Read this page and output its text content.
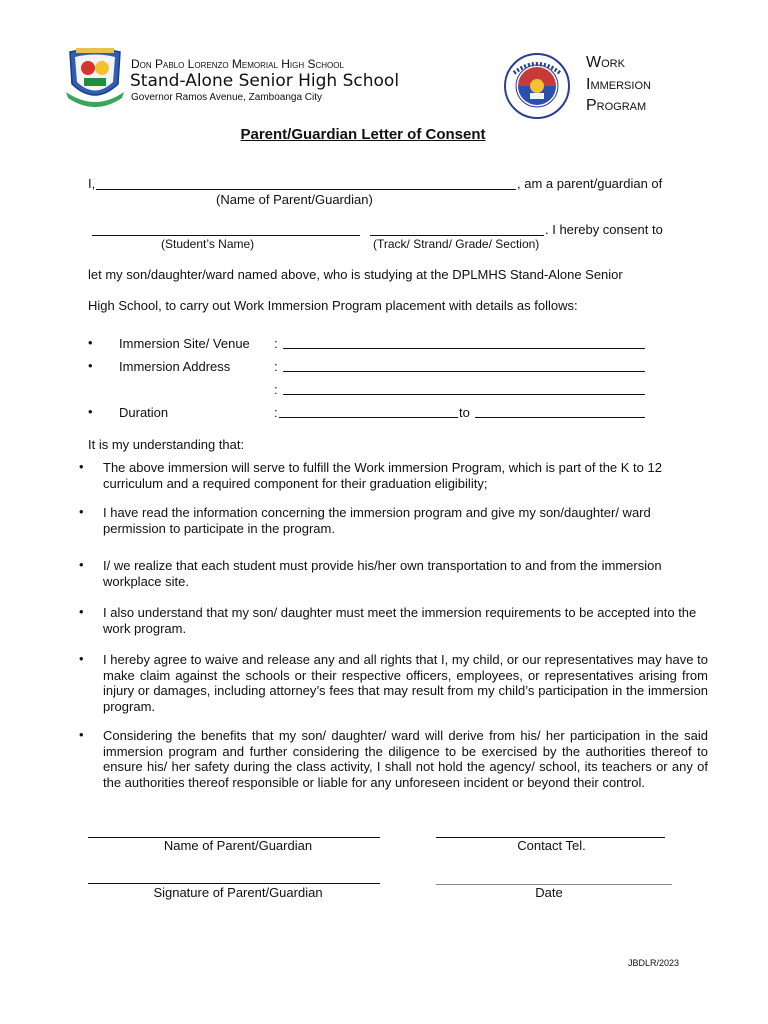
Don Pablo Lorenzo Memorial High School
Stand-Alone Senior High School
Governor Ramos Avenue, Zamboanga City
Work
Immersion
Program
Parent/Guardian Letter of Consent
I,	, am a parent/guardian of
(Name of Parent/Guardian)
. I hereby consent to
(Student’s Name)	(Track/ Strand/ Grade/ Section)
let my son/daughter/ward named above, who is studying at the DPLMHS Stand-Alone Senior
High School, to carry out Work Immersion Program placement with details as follows:
• Immersion Site/ Venue :
• Immersion Address	:
:
• Duration	:	to
It is my understanding that:
• The above immersion will serve to fulfill the Work immersion Program, which is part of the K to 12 curriculum and a required component for their graduation eligibility;
• I have read the information concerning the immersion program and give my son/daughter/ ward permission to participate in the program.
• I/ we realize that each student must provide his/her own transportation to and from the immersion workplace site.
• I also understand that my son/ daughter must meet the immersion requirements to be accepted into the work program.
• I hereby agree to waive and release any and all rights that I, my child, or our representatives may have to make claim against the schools or their respective officers, employees, or representatives arising from injury or damages, including attorney’s fees that may result from my child’s participation in the immersion program.
• Considering the benefits that my son/ daughter/ ward will derive from his/ her participation in the said immersion program and further considering the diligence to be exercised by the authorities thereof to ensure his/ her safety during the class activity, I shall not hold the agency/ school, its teachers or any of the authorities thereof responsible or liable for any unforeseen incident or beyond their control.
Name of Parent/Guardian	Contact Tel.
Signature of Parent/Guardian	Date
JBDLR/2023
